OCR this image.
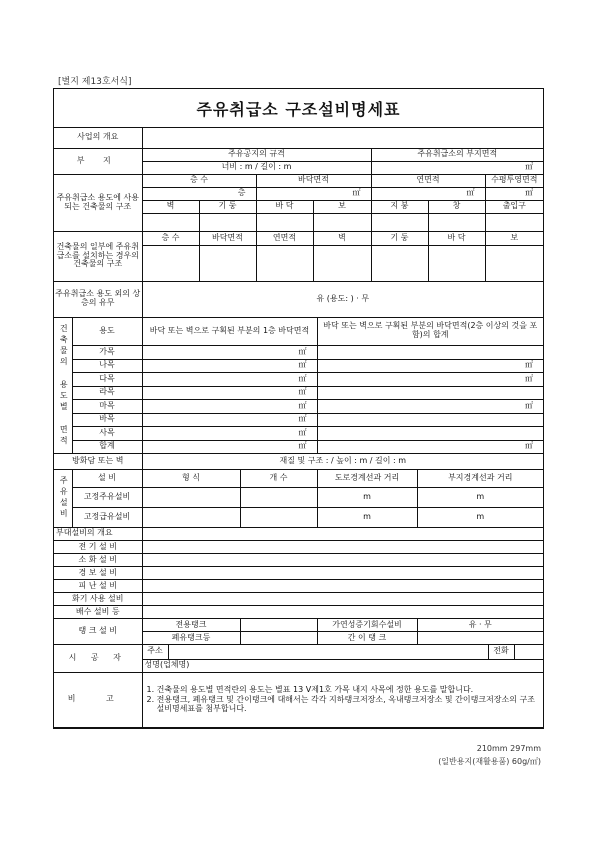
[별지 제13호서식]
주유취급소 구조설비명세표
사업의 개요							
부 지	주유공지의 규격				주유취급소의 부지면적		
	너비 : m / 길이 : m				㎡		
주유취급소 용도에 사용되는 건축물의 구조	층 수		바닥면적		연면적		수평투영면적
	층		㎡		㎡		㎡
	벽	기 둥	바 닥	보	지 붕	창	출입구

건축물의 일부에 주유취급소를 설치하는 경우의 건축물의 구조	층 수	바닥면적	연면적	벽	기 둥	바 닥	보

주유취급소 용도 외의 상층의 유무	유 (용도: ) · 무						
건축물의 용도별 면적	용도	바닥 또는 벽으로 구획된 부분의 1층 바닥면적	바닥 또는 벽으로 구획된 부분의 바닥면적(2층 이상의 것을 포함)의 합계
	가목	㎡	
	나목	㎡	㎡
	다목	㎡	㎡
	라목	㎡	
	마목	㎡	㎡
	바목	㎡	
	사목	㎡	
	합계	㎡	㎡
방화담 또는 벽		재질 및 구조 : / 높이 : m / 길이 : m			
주유설비	설 비	형 식	개 수	도로경계선과 거리	부지경계선과 거리
	고정주유설비			m	m
	고정급유설비			m	m
부대설비의 개요				
전 기 설 비				
소 화 설 비				
경 보 설 비				
피 난 설 비				
화기 사용 설비				
배수 설비 등				
탱 크 설 비	전용탱크		가연성증기회수설비	유 · 무
	폐유탱크등		간 이 탱 크	
시 공 자	주소		전화	
성명(업체명)
비 고	
1. 건축물의 용도별 면적란의 용도는 별표 13 Ⅴ제1호 가목 내지 사목에 정한 용도를 말합니다.
2. 전용탱크, 폐유탱크 및 간이탱크에 대해서는 각각 지하탱크저장소, 옥내탱크저장소 및 간이탱크저장소의 구조설비명세표를 첨부합니다.
210mm 297mm
(일반용지(재활용품) 60g/㎡)
